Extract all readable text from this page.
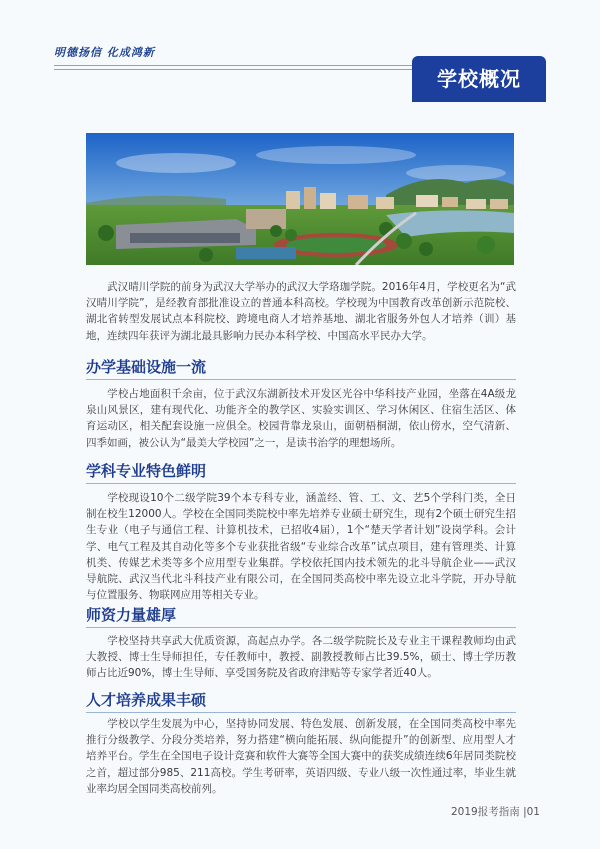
明德扬信 化成鸿新
学校概况

武汉晴川学院的前身为武汉大学举办的武汉大学珞珈学院。2016年4月，学校更名为“武汉晴川学院”，是经教育部批准设立的普通本科高校。学校现为中国教育改革创新示范院校、湖北省转型发展试点本科院校、跨境电商人才培养基地、湖北省服务外包人才培养（训）基地，连续四年获评为湖北最具影响力民办本科学校、中国高水平民办大学。

办学基础设施一流

学校占地面积千余亩，位于武汉东湖新技术开发区光谷中华科技产业园，坐落在4A级龙泉山风景区，建有现代化、功能齐全的教学区、实验实训区、学习休闲区、住宿生活区、体育运动区，相关配套设施一应俱全。校园背靠龙泉山，面朝梧桐湖，依山傍水，空气清新、四季如画，被公认为“最美大学校园”之一，是读书治学的理想场所。

学科专业特色鲜明

学校现设10个二级学院39个本专科专业，涵盖经、管、工、文、艺5个学科门类，全日制在校生12000人。学校在全国同类院校中率先培养专业硕士研究生，现有2个硕士研究生招生专业（电子与通信工程、计算机技术，已招收4届），1个“楚天学者计划”设岗学科。会计学、电气工程及其自动化等多个专业获批省级“专业综合改革”试点项目，建有管理类、计算机类、传媒艺术类等多个应用型专业集群。学校依托国内技术领先的北斗导航企业——武汉导航院、武汉当代北斗科技产业有限公司，在全国同类高校中率先设立北斗学院，开办导航与位置服务、物联网应用等相关专业。

师资力量雄厚

学校坚持共享武大优质资源，高起点办学。各二级学院院长及专业主干课程教师均由武大教授、博士生导师担任，专任教师中，教授、副教授教师占比39.5%，硕士、博士学历教师占比近90%，博士生导师、享受国务院及省政府津贴等专家学者近40人。

人才培养成果丰硕

学校以学生发展为中心，坚持协同发展、特色发展、创新发展，在全国同类高校中率先推行分级教学、分段分类培养，努力搭建“横向能拓展、纵向能提升”的创新型、应用型人才培养平台。学生在全国电子设计竞赛和软件大赛等全国大赛中的获奖成绩连续6年居同类院校之首，超过部分985、211高校。学生考研率，英语四级、专业八级一次性通过率，毕业生就业率均居全国同类高校前列。

2019报考指南 |01
